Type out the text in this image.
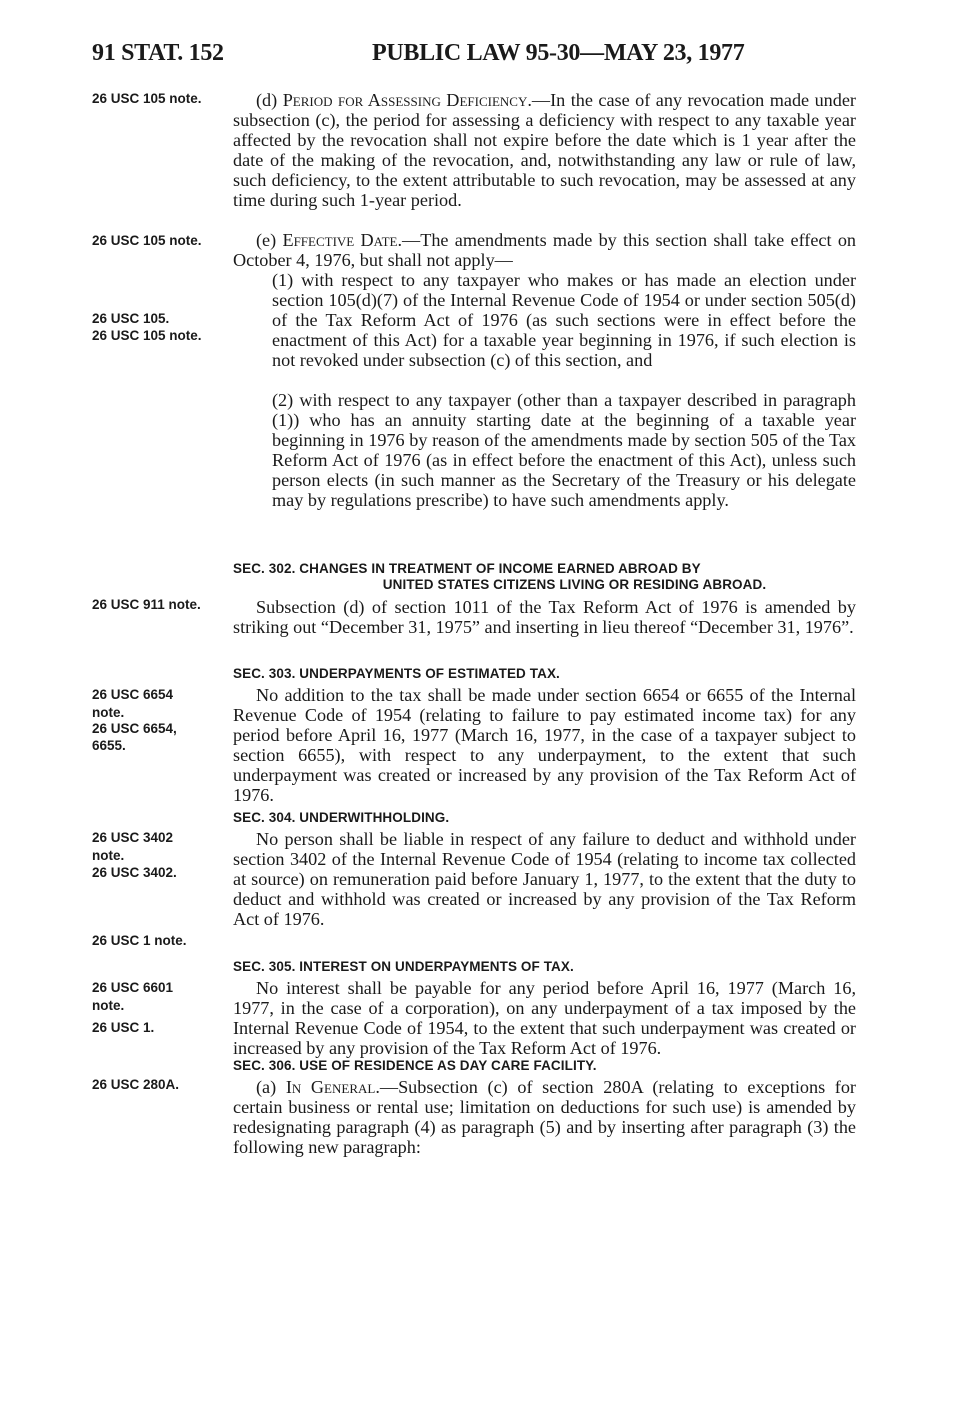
91 STAT. 152	PUBLIC LAW 95-30—MAY 23, 1977
26 USC 105 note.
26 USC 105 note.
26 USC 105.
26 USC 105 note.
26 USC 911 note.
26 USC 6654
note.
26 USC 6654,
6655.
26 USC 3402
note.
26 USC 3402.
26 USC 1 note.
26 USC 6601
note.
26 USC 1.
26 USC 280A.

(d) Period for Assessing Deficiency.—In the case of any revocation made under subsection (c), the period for assessing a deficiency with respect to any taxable year affected by the revocation shall not expire before the date which is 1 year after the date of the making of the revocation, and, notwithstanding any law or rule of law, such deficiency, to the extent attributable to such revocation, may be assessed at any time during such 1-year period.

(e) Effective Date.—The amendments made by this section shall take effect on October 4, 1976, but shall not apply—

(1) with respect to any taxpayer who makes or has made an election under section 105(d)(7) of the Internal Revenue Code of 1954 or under section 505(d) of the Tax Reform Act of 1976 (as such sections were in effect before the enactment of this Act) for a taxable year beginning in 1976, if such election is not revoked under subsection (c) of this section, and

(2) with respect to any taxpayer (other than a taxpayer described in paragraph (1)) who has an annuity starting date at the beginning of a taxable year beginning in 1976 by reason of the amendments made by section 505 of the Tax Reform Act of 1976 (as in effect before the enactment of this Act), unless such person elects (in such manner as the Secretary of the Treasury or his delegate may by regulations prescribe) to have such amendments apply.

SEC. 302. CHANGES IN TREATMENT OF INCOME EARNED ABROAD BY
UNITED STATES CITIZENS LIVING OR RESIDING ABROAD.

Subsection (d) of section 1011 of the Tax Reform Act of 1976 is amended by striking out “December 31, 1975” and inserting in lieu thereof “December 31, 1976”.

SEC. 303. UNDERPAYMENTS OF ESTIMATED TAX.

No addition to the tax shall be made under section 6654 or 6655 of the Internal Revenue Code of 1954 (relating to failure to pay estimated income tax) for any period before April 16, 1977 (March 16, 1977, in the case of a taxpayer subject to section 6655), with respect to any underpayment, to the extent that such underpayment was created or increased by any provision of the Tax Reform Act of 1976.

SEC. 304. UNDERWITHHOLDING.

No person shall be liable in respect of any failure to deduct and withhold under section 3402 of the Internal Revenue Code of 1954 (relating to income tax collected at source) on remuneration paid before January 1, 1977, to the extent that the duty to deduct and withhold was created or increased by any provision of the Tax Reform Act of 1976.

SEC. 305. INTEREST ON UNDERPAYMENTS OF TAX.

No interest shall be payable for any period before April 16, 1977 (March 16, 1977, in the case of a corporation), on any underpayment of a tax imposed by the Internal Revenue Code of 1954, to the extent that such underpayment was created or increased by any provision of the Tax Reform Act of 1976.

SEC. 306. USE OF RESIDENCE AS DAY CARE FACILITY.

(a) In General.—Subsection (c) of section 280A (relating to exceptions for certain business or rental use; limitation on deductions for such use) is amended by redesignating paragraph (4) as paragraph (5) and by inserting after paragraph (3) the following new paragraph:
